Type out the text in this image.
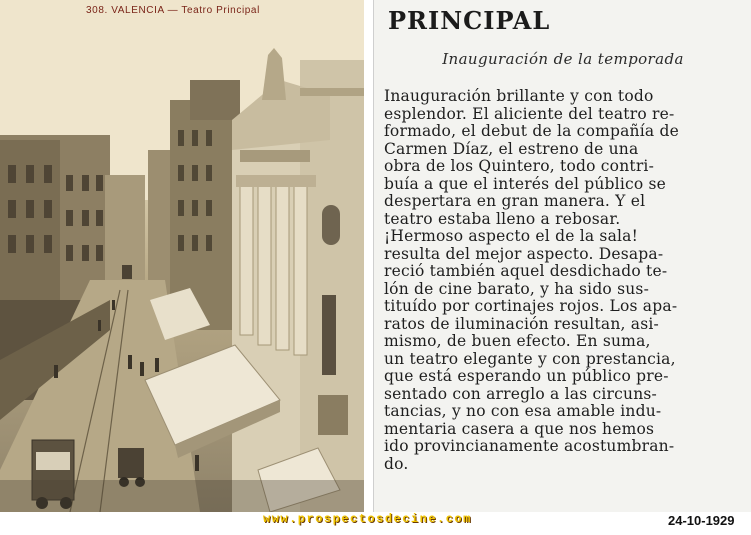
308. VALENCIA — Teatro Principal
www.prospectosdecine.com
PRINCIPAL
Inauguración de la temporada
Inauguración brillante y con todo
esplendor. El aliciente del teatro re-
formado, el debut de la compañía de
Carmen Díaz, el estreno de una
obra de los Quintero, todo contri-
buía a que el interés del público se
despertara en gran manera. Y el
teatro estaba lleno a rebosar.
¡Hermoso aspecto el de la sala!
resulta del mejor aspecto. Desapa-
reció también aquel desdichado te-
lón de cine barato, y ha sido sus-
tituído por cortinajes rojos. Los apa-
ratos de iluminación resultan, asi-
mismo, de buen efecto. En suma,
un teatro elegante y con prestancia,
que está esperando un público pre-
sentado con arreglo a las circuns-
tancias, y no con esa amable indu-
mentaria casera a que nos hemos
ido provincianamente acostumbran-
do.
24-10-1929
